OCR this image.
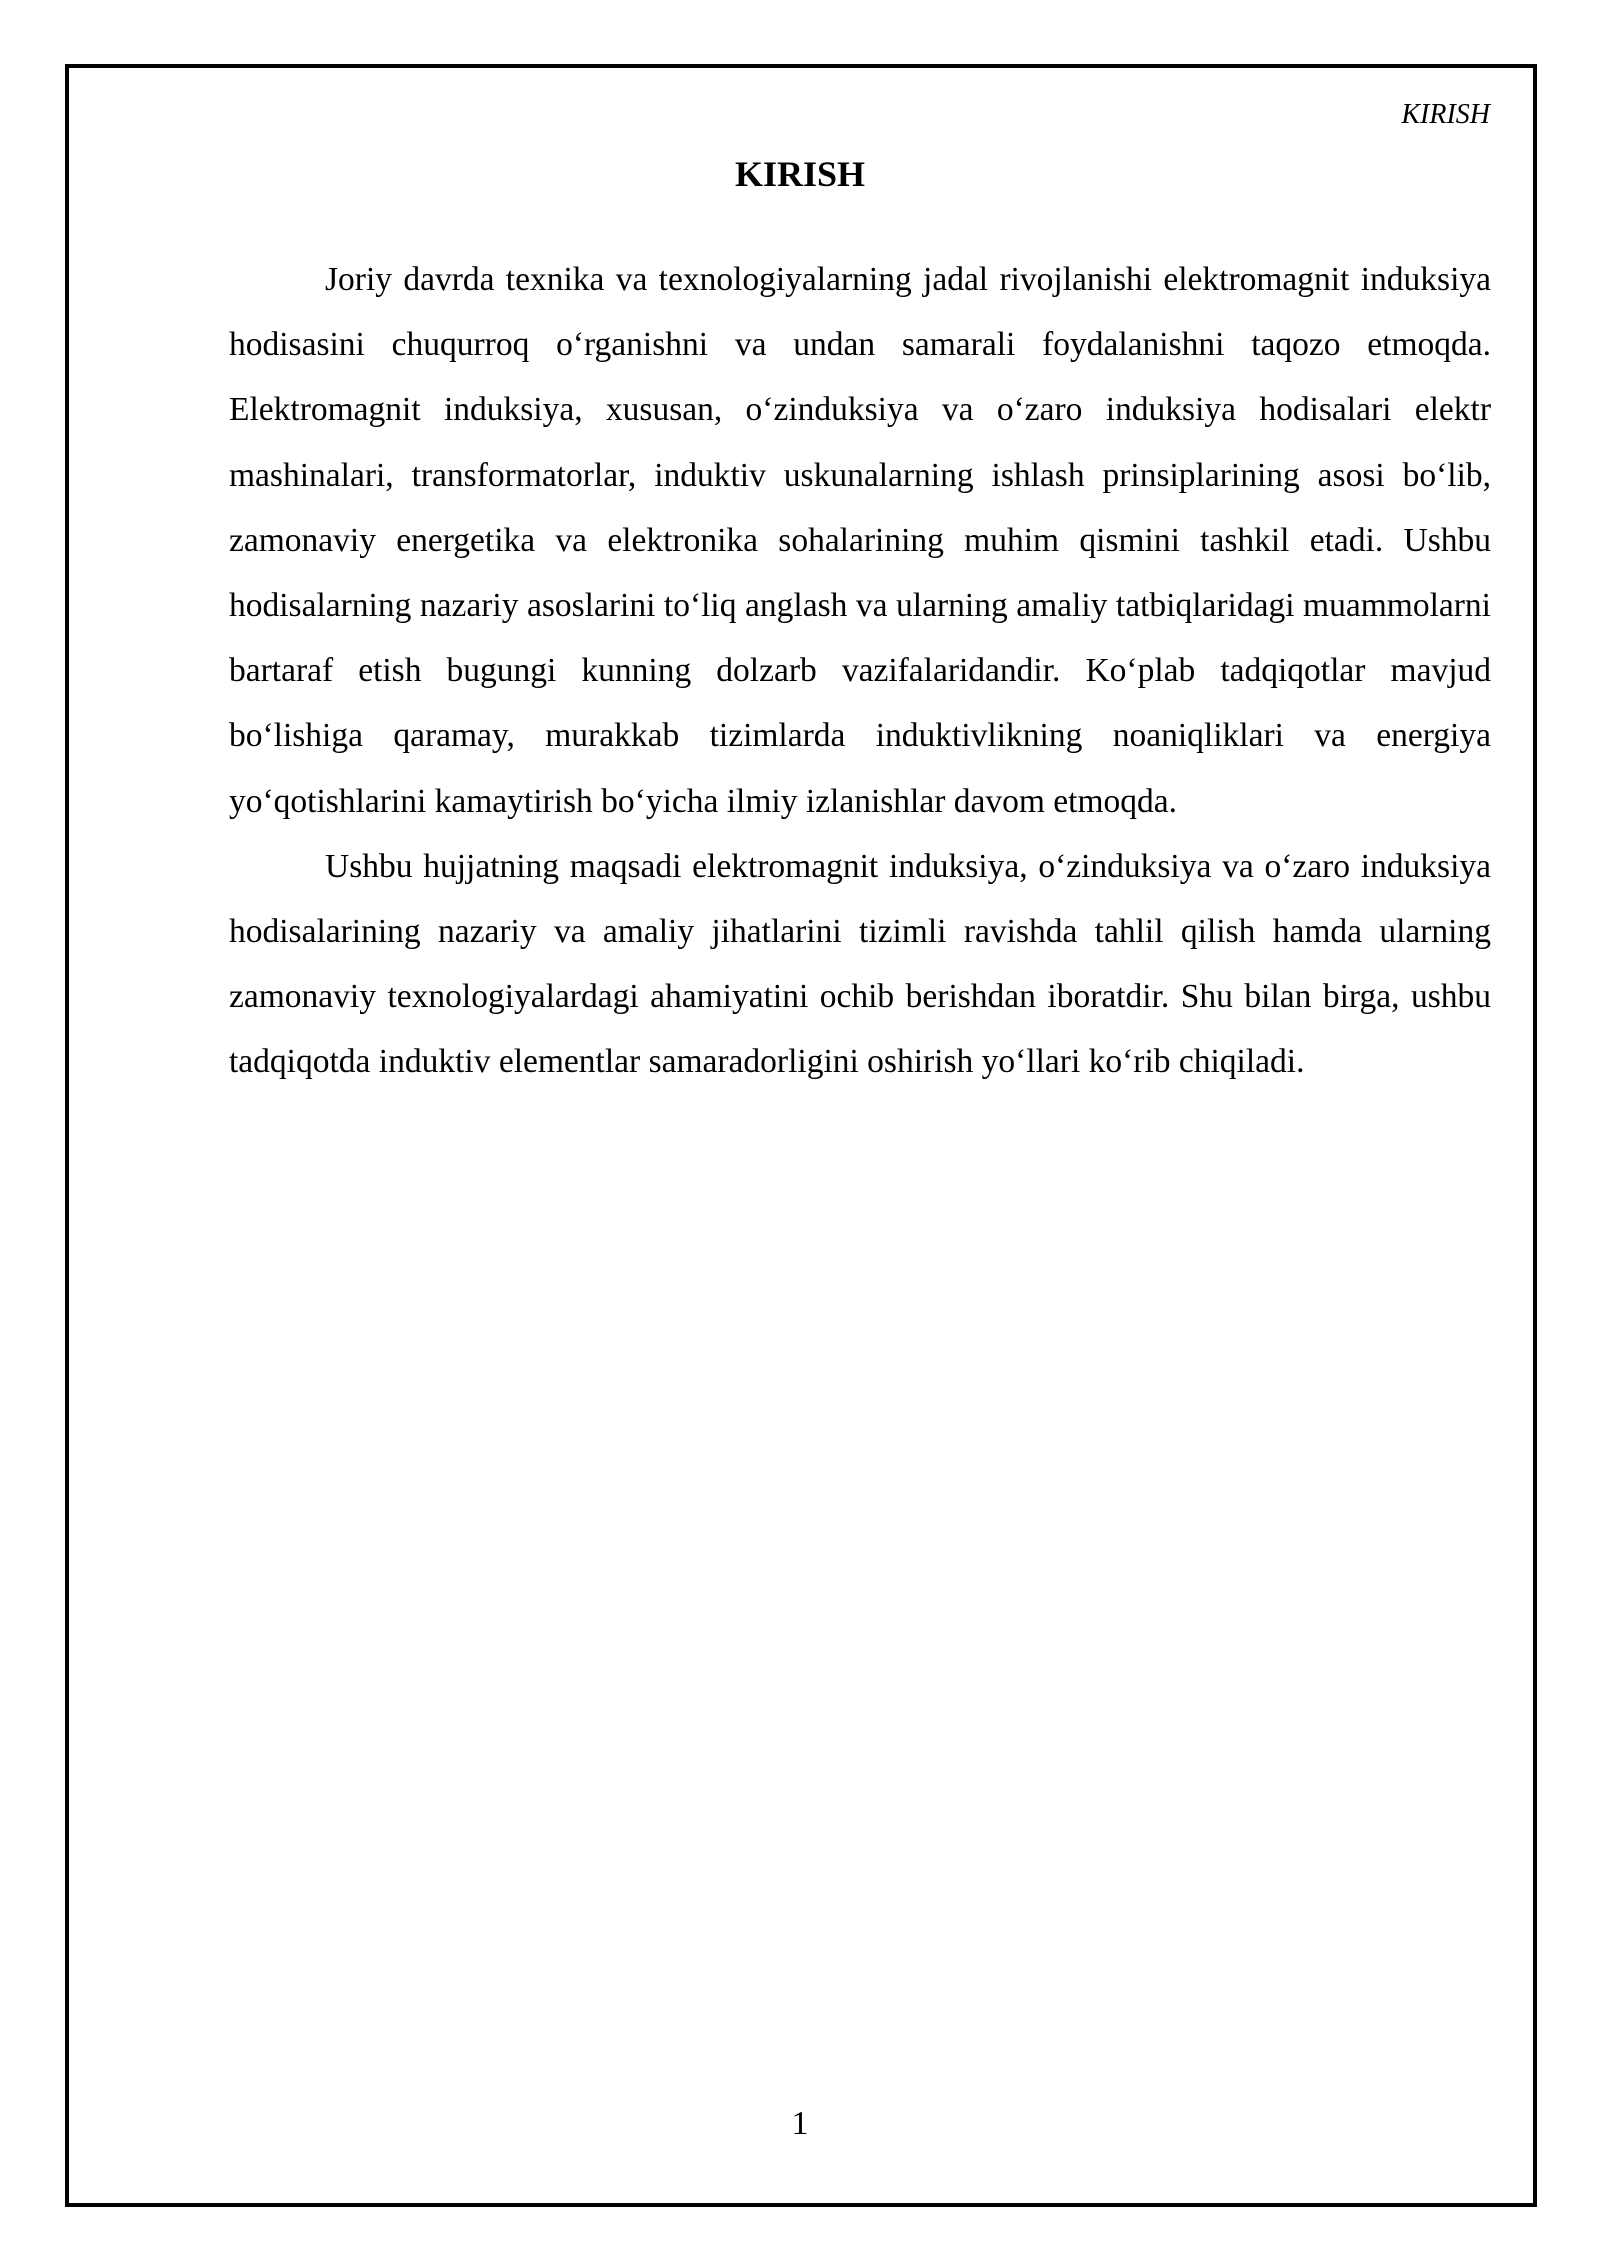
KIRISH

KIRISH

Joriy davrda texnika va texnologiyalarning jadal rivojlanishi elektromagnit induksiya hodisasini chuqurroq o‘rganishni va undan samarali foydalanishni taqozo etmoqda. Elektromagnit induksiya, xususan, o‘zinduksiya va o‘zaro induksiya hodisalari elektr mashinalari, transformatorlar, induktiv uskunalarning ishlash prinsiplarining asosi bo‘lib, zamonaviy energetika va elektronika sohalarining muhim qismini tashkil etadi. Ushbu hodisalarning nazariy asoslarini to‘liq anglash va ularning amaliy tatbiqlaridagi muammolarni bartaraf etish bugungi kunning dolzarb vazifalaridandir. Ko‘plab tadqiqotlar mavjud bo‘lishiga qaramay, murakkab tizimlarda induktivlikning noaniqliklari va energiya yo‘qotishlarini kamaytirish bo‘yicha ilmiy izlanishlar davom etmoqda.

Ushbu hujjatning maqsadi elektromagnit induksiya, o‘zinduksiya va o‘zaro induksiya hodisalarining nazariy va amaliy jihatlarini tizimli ravishda tahlil qilish hamda ularning zamonaviy texnologiyalardagi ahamiyatini ochib berishdan iboratdir. Shu bilan birga, ushbu tadqiqotda induktiv elementlar samaradorligini oshirish yo‘llari ko‘rib chiqiladi.

1
